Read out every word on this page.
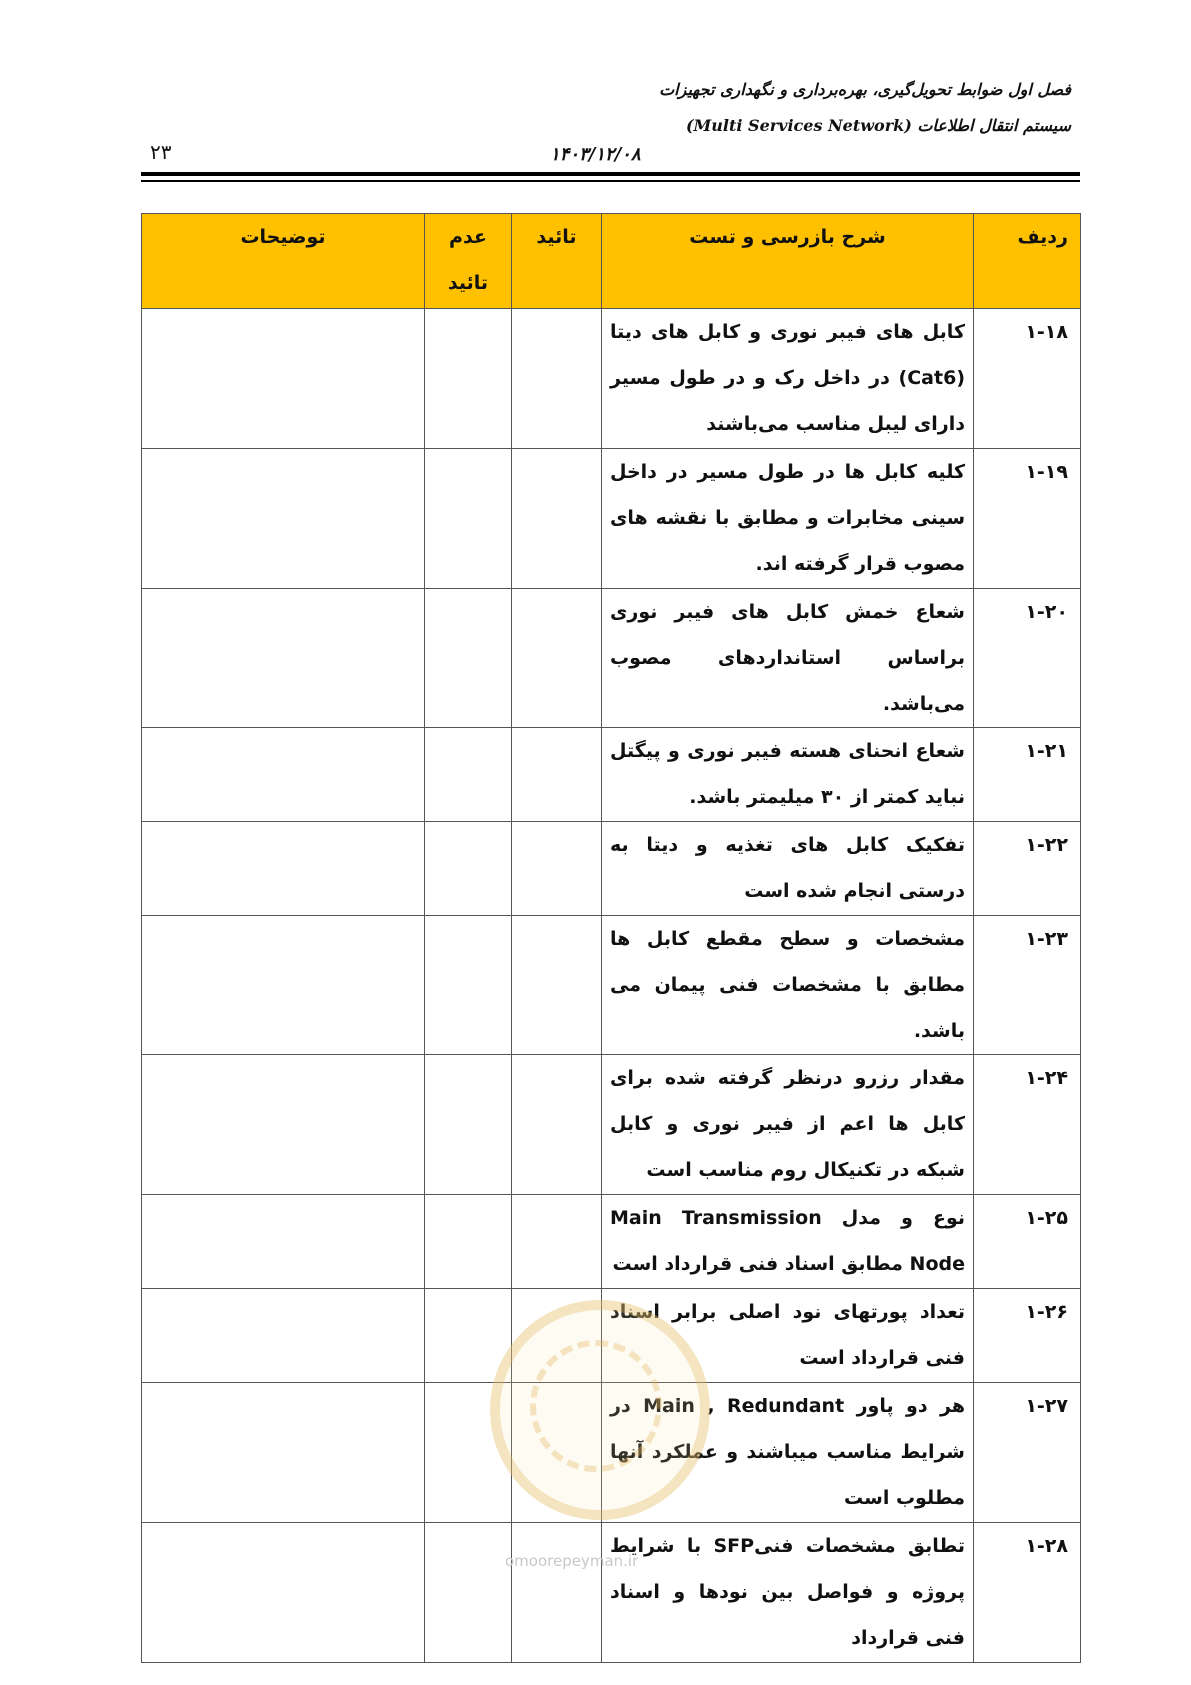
فصل اول ضوابط تحویل‌گیری، بهره‌برداری و نگهداری تجهیزات
سیستم انتقال اطلاعات (Multi Services Network)
۲۳	۱۴۰۳/۱۲/۰۸
ردیف	شرح بازرسی و تست	تائید	عدم تائید	توضیحات
۱-۱۸	کابل های فیبر نوری و کابل های دیتا (Cat6) در داخل رک و در طول مسیر دارای لیبل مناسب می‌باشند			
۱-۱۹	کلیه کابل ها در طول مسیر در داخل سینی مخابرات و مطابق با نقشه های مصوب قرار گرفته اند.			
۱-۲۰	شعاع خمش کابل های فیبر نوری براساس استانداردهای مصوب می‌باشد.			
۱-۲۱	شعاع انحنای هسته فیبر نوری و پیگتل نباید کمتر از ۳۰ میلیمتر باشد.			
۱-۲۲	تفکیک کابل های تغذیه و دیتا به درستی انجام شده است			
۱-۲۳	مشخصات و سطح مقطع کابل ها مطابق با مشخصات فنی پیمان می باشد.			
۱-۲۴	مقدار رزرو درنظر گرفته شده برای کابل ها اعم از فیبر نوری و کابل شبکه در تکنیکال روم مناسب است			
۱-۲۵	نوع و مدل Main Transmission Node مطابق اسناد فنی قرارداد است			
۱-۲۶	تعداد پورتهای نود اصلی برابر اسناد فنی قرارداد است			
۱-۲۷	هر دو پاور Main , Redundant در شرایط مناسب میباشند و عملکرد آنها مطلوب است			
۱-۲۸	تطابق مشخصات فنیSFP با شرایط پروژه و فواصل بین نودها و اسناد فنی قرارداد			
omoorepeyman.ir
